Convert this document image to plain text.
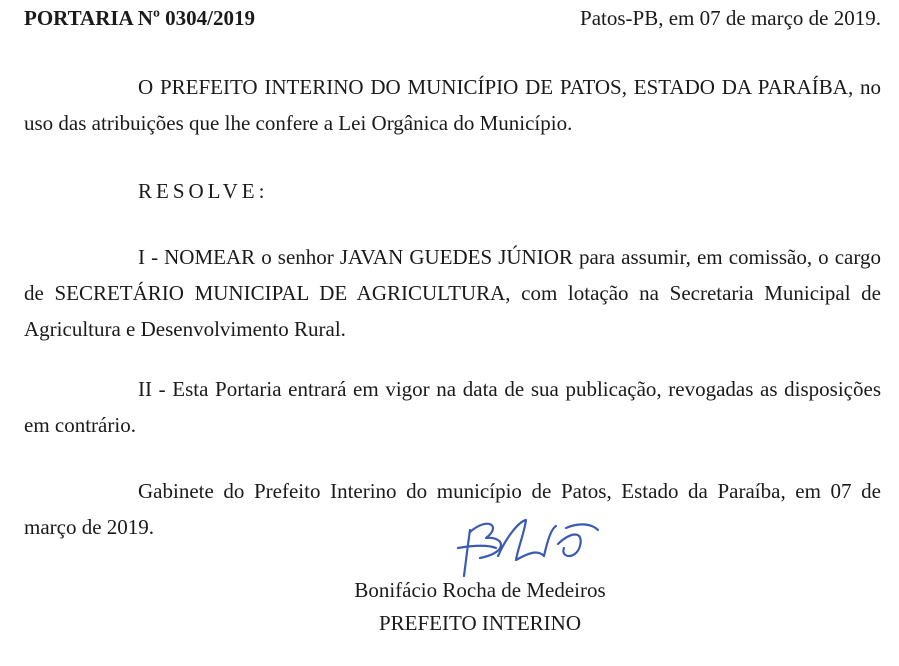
PORTARIA Nº 0304/2019	Patos-PB, em 07 de março de 2019.

O PREFEITO INTERINO DO MUNICÍPIO DE PATOS, ESTADO DA PARAÍBA, no uso das atribuições que lhe confere a Lei Orgânica do Município.

RESOLVE:

I - NOMEAR o senhor JAVAN GUEDES JÚNIOR para assumir, em comissão, o cargo de SECRETÁRIO MUNICIPAL DE AGRICULTURA, com lotação na Secretaria Municipal de Agricultura e Desenvolvimento Rural.

II - Esta Portaria entrará em vigor na data de sua publicação, revogadas as disposições em contrário.

Gabinete do Prefeito Interino do município de Patos, Estado da Paraíba, em 07 de março de 2019.

Bonifácio Rocha de Medeiros
PREFEITO INTERINO
